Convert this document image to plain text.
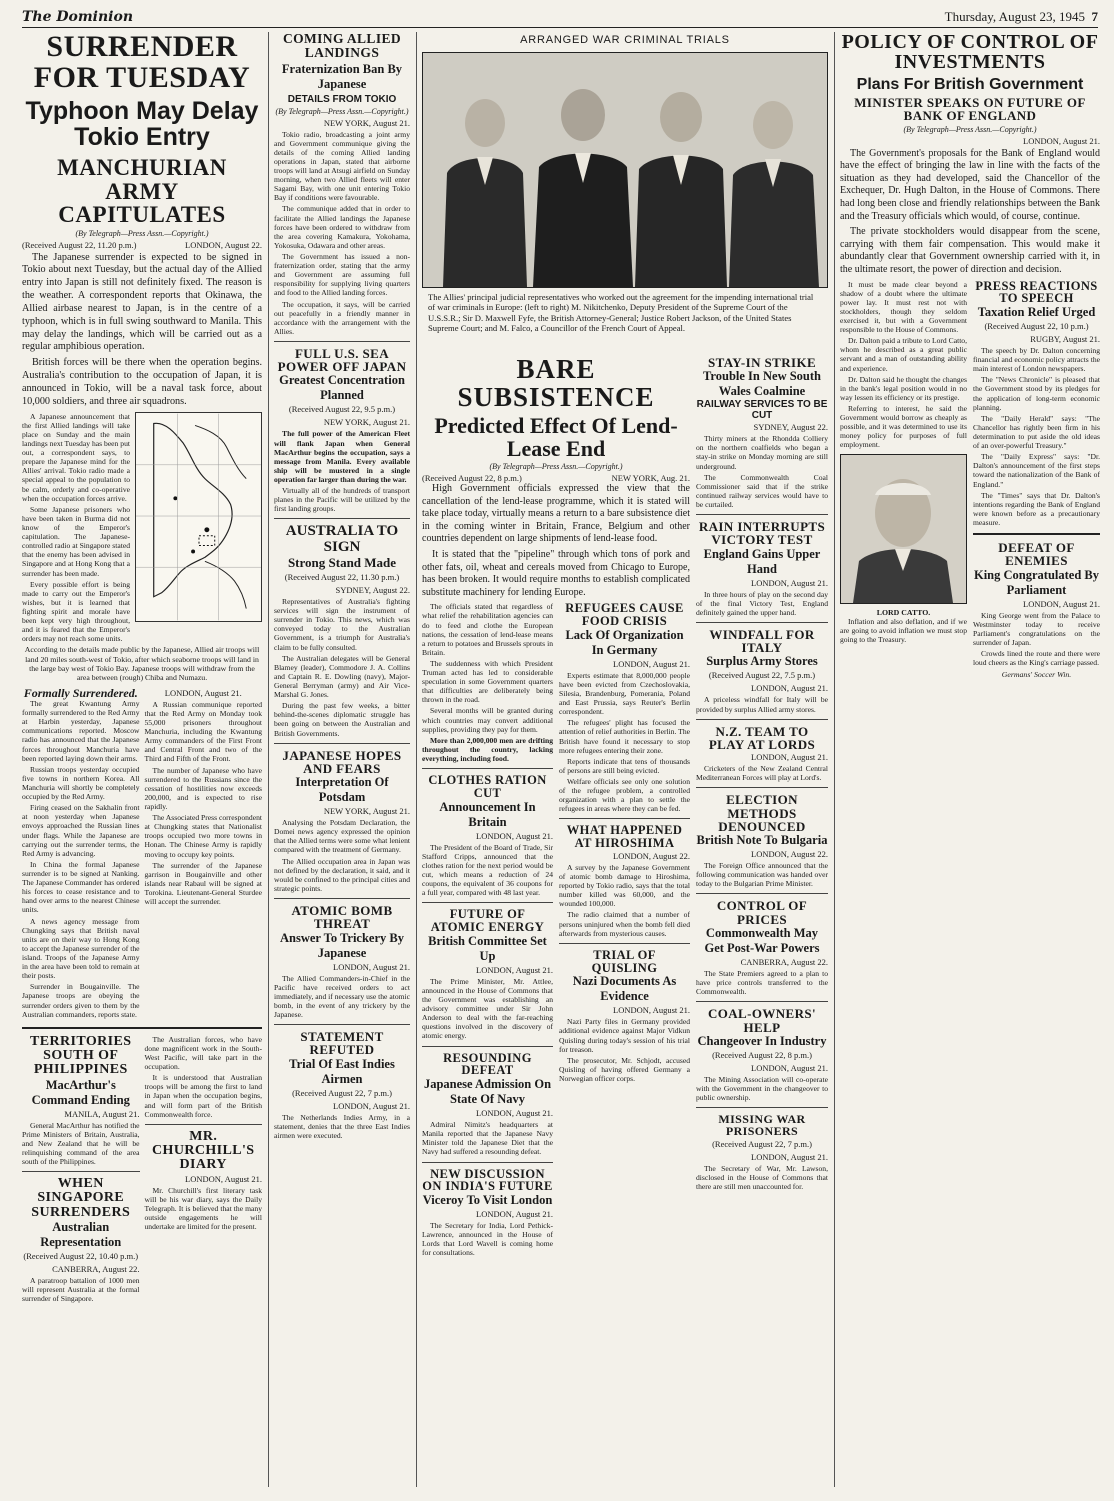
The Dominion	Thursday, August 23, 1945 7
SURRENDER FOR TUESDAY
Typhoon May Delay Tokio Entry
MANCHURIAN ARMY CAPITULATES
(By Telegraph—Press Assn.—Copyright.)
(Received August 22, 11.20 p.m.)	LONDON, August 22.

The Japanese surrender is expected to be signed in Tokio about next Tuesday, but the actual day of the Allied entry into Japan is still not definitely fixed. The reason is the weather. A correspondent reports that Okinawa, the Allied airbase nearest to Japan, is in the centre of a typhoon, which is in full swing southward to Manila. This may delay the landings, which will be carried out as a regular amphibious operation.

British forces will be there when the operation begins. Australia's contribution to the occupation of Japan, it is announced in Tokio, will be a naval task force, about 10,000 soldiers, and three air squadrons.

A Japanese announcement that the first Allied landings will take place on Sunday and the main landings next Tuesday has been put out, a correspondent says, to prepare the Japanese mind for the Allies' arrival. Tokio radio made a special appeal to the population to be calm, orderly and co-operative when the occupation forces arrive.

Some Japanese prisoners who have been taken in Burma did not know of the Emperor's capitulation. The Japanese-controlled radio at Singapore stated that the enemy has been advised in Singapore and at Hong Kong that a surrender has been made.

Every possible effort is being made to carry out the Emperor's wishes, but it is learned that fighting spirit and morale have been kept very high throughout, and it is feared that the Emperor's orders may not reach some units.

According to the details made public by the Japanese, Allied air troops will land 20 miles south-west of Tokio, after which seaborne troops will land in the large bay west of Tokio Bay. Japanese troops will withdraw from the area between (rough) Chiba and Numazu.
Formally Surrendered.

The great Kwantung Army formally surrendered to the Red Army at Harbin yesterday, Japanese communications reported. Moscow radio has announced that the Japanese forces throughout Manchuria have been reported laying down their arms.

Russian troops yesterday occupied five towns in northern Korea. All Manchuria will shortly be completely occupied by the Red Army.

Firing ceased on the Sakhalin front at noon yesterday when Japanese envoys approached the Russian lines under flags. While the Japanese are carrying out the surrender terms, the Red Army is advancing.

In China the formal Japanese surrender is to be signed at Nanking. The Japanese Commander has ordered his forces to cease resistance and to hand over arms to the nearest Chinese units.

A news agency message from Chungking says that British naval units are on their way to Hong Kong to accept the Japanese surrender of the island. Troops of the Japanese Army in the area have been told to remain at their posts.

Surrender in Bougainville. The Japanese troops are obeying the surrender orders given to them by the Australian commanders, reports state.

LONDON, August 21.

A Russian communique reported that the Red Army on Monday took 55,000 prisoners throughout Manchuria, including the Kwantung Army commanders of the First Front and Central Front and two of the Third and Fifth of the Front.

The number of Japanese who have surrendered to the Russians since the cessation of hostilities now exceeds 200,000, and is expected to rise rapidly.

The Associated Press correspondent at Chungking states that Nationalist troops occupied two more towns in Honan. The Chinese Army is rapidly moving to occupy key points.

The surrender of the Japanese garrison in Bougainville and other islands near Rabaul will be signed at Torokina. Lieutenant-General Sturdee will accept the surrender.

TERRITORIES SOUTH OF PHILIPPINES
MacArthur's Command Ending
MANILA, August 21.

General MacArthur has notified the Prime Ministers of Britain, Australia, and New Zealand that he will be relinquishing command of the area south of the Philippines.

WHEN SINGAPORE SURRENDERS
Australian Representation
(Received August 22, 10.40 p.m.)
CANBERRA, August 22.

A paratroop battalion of 1000 men will represent Australia at the formal surrender of Singapore.

The Australian forces, who have done magnificent work in the South-West Pacific, will take part in the occupation.

It is understood that Australian troops will be among the first to land in Japan when the occupation begins, and will form part of the British Commonwealth force.

MR. CHURCHILL'S DIARY
LONDON, August 21.

Mr. Churchill's first literary task will be his war diary, says the Daily Telegraph. It is believed that the many outside engagements he will undertake are limited for the present.

COMING ALLIED LANDINGS
Fraternization Ban By Japanese
DETAILS FROM TOKIO
(By Telegraph—Press Assn.—Copyright.)
NEW YORK, August 21.

Tokio radio, broadcasting a joint army and Government communique giving the details of the coming Allied landing operations in Japan, stated that airborne troops will land at Atsugi airfield on Sunday morning, when two Allied fleets will enter Sagami Bay, with one unit entering Tokio Bay if conditions were favourable.

The communique added that in order to facilitate the Allied landings the Japanese forces have been ordered to withdraw from the area covering Kamakura, Yokohama, Yokosuka, Odawara and other areas.

The Government has issued a non-fraternization order, stating that the army and Government are assuming full responsibility for supplying living quarters and food to the Allied landing forces.

The occupation, it says, will be carried out peacefully in a friendly manner in accordance with the arrangement with the Allies.

FULL U.S. SEA POWER OFF JAPAN
Greatest Concentration Planned
(Received August 22, 9.5 p.m.)
NEW YORK, August 21.

The full power of the American Fleet will flank Japan when General MacArthur begins the occupation, says a message from Manila. Every available ship will be mustered in a single operation far larger than during the war.

Virtually all of the hundreds of transport planes in the Pacific will be utilized by the first landing groups.

AUSTRALIA TO SIGN
Strong Stand Made
(Received August 22, 11.30 p.m.)
SYDNEY, August 22.

Representatives of Australia's fighting services will sign the instrument of surrender in Tokio. This news, which was conveyed today to the Australian Government, is a triumph for Australia's claim to be fully consulted.

The Australian delegates will be General Blamey (leader), Commodore J. A. Collins and Captain R. E. Dowling (navy), Major-General Berryman (army) and Air Vice-Marshal G. Jones.

During the past few weeks, a bitter behind-the-scenes diplomatic struggle has been going on between the Australian and British Governments.

JAPANESE HOPES AND FEARS
Interpretation Of Potsdam
NEW YORK, August 21.

Analysing the Potsdam Declaration, the Domei news agency expressed the opinion that the Allied terms were some what lenient compared with the treatment of Germany.

The Allied occupation area in Japan was not defined by the declaration, it said, and it would be confined to the principal cities and strategic points.

ATOMIC BOMB THREAT
Answer To Trickery By Japanese
LONDON, August 21.

The Allied Commanders-in-Chief in the Pacific have received orders to act immediately, and if necessary use the atomic bomb, in the event of any trickery by the Japanese.

STATEMENT REFUTED
Trial Of East Indies Airmen
(Received August 22, 7 p.m.)
LONDON, August 21.

The Netherlands Indies Army, in a statement, denies that the three East Indies airmen were executed.

ARRANGED WAR CRIMINAL TRIALS
The Allies' principal judicial representatives who worked out the agreement for the impending international trial of war criminals in Europe: (left to right) M. Nikitchenko, Deputy President of the Supreme Court of the U.S.S.R.; Sir D. Maxwell Fyfe, the British Attorney-General; Justice Robert Jackson, of the United States Supreme Court; and M. Falco, a Councillor of the French Court of Appeal.
BARE SUBSISTENCE
Predicted Effect Of Lend-Lease End
(By Telegraph—Press Assn.—Copyright.)
(Received August 22, 8 p.m.)	NEW YORK, Aug. 21.

High Government officials expressed the view that the cancellation of the lend-lease programme, which it is stated will take place today, virtually means a return to a bare subsistence diet in the coming winter in Britain, France, Belgium and other countries dependent on large shipments of lend-lease food.

It is stated that the "pipeline" through which tons of pork and other fats, oil, wheat and cereals moved from Chicago to Europe, has been broken. It would require months to establish complicated substitute machinery for lending Europe.

The officials stated that regardless of what relief the rehabilitation agencies can do to feed and clothe the European nations, the cessation of lend-lease means a return to potatoes and Brussels sprouts in Britain.

The suddenness with which President Truman acted has led to considerable speculation in some Government quarters that difficulties are deliberately being thrown in the road.

Several months will be granted during which countries may convert additional supplies, providing they pay for them.

More than 2,000,000 men are drifting throughout the country, lacking everything, including food.

CLOTHES RATION CUT
Announcement In Britain
LONDON, August 21.

The President of the Board of Trade, Sir Stafford Cripps, announced that the clothes ration for the next period would be cut, which means a reduction of 24 coupons, the equivalent of 36 coupons for a full year, compared with 48 last year.

FUTURE OF ATOMIC ENERGY
British Committee Set Up
LONDON, August 21.

The Prime Minister, Mr. Attlee, announced in the House of Commons that the Government was establishing an advisory committee under Sir John Anderson to deal with the far-reaching questions involved in the discovery of atomic energy.

RESOUNDING DEFEAT
Japanese Admission On State Of Navy
LONDON, August 21.

Admiral Nimitz's headquarters at Manila reported that the Japanese Navy Minister told the Japanese Diet that the Navy had suffered a resounding defeat.

NEW DISCUSSION ON INDIA'S FUTURE
Viceroy To Visit London
LONDON, August 21.

The Secretary for India, Lord Pethick-Lawrence, announced in the House of Lords that Lord Wavell is coming home for consultations.

REFUGEES CAUSE FOOD CRISIS
Lack Of Organization In Germany
LONDON, August 21.

Experts estimate that 8,000,000 people have been evicted from Czechoslovakia, Silesia, Brandenburg, Pomerania, Poland and East Prussia, says Reuter's Berlin correspondent.

The refugees' plight has focused the attention of relief authorities in Berlin. The British have found it necessary to stop more refugees entering their zone.

Reports indicate that tens of thousands of persons are still being evicted.

Welfare officials see only one solution of the refugee problem, a controlled organization with a plan to settle the refugees in areas where they can be fed.

WHAT HAPPENED AT HIROSHIMA
LONDON, August 22.

A survey by the Japanese Government of atomic bomb damage to Hiroshima, reported by Tokio radio, says that the total number killed was 60,000, and the wounded 100,000.

The radio claimed that a number of persons uninjured when the bomb fell died afterwards from mysterious causes.

TRIAL OF QUISLING
Nazi Documents As Evidence
LONDON, August 21.

Nazi Party files in Germany provided additional evidence against Major Vidkun Quisling during today's session of his trial for treason.

The prosecutor, Mr. Schjodt, accused Quisling of having offered Germany a Norwegian officer corps.

STAY-IN STRIKE
Trouble In New South Wales Coalmine
RAILWAY SERVICES TO BE CUT
SYDNEY, August 22.

Thirty miners at the Rhondda Colliery on the northern coalfields who began a stay-in strike on Monday morning are still underground.

The Commonwealth Coal Commissioner said that if the strike continued railway services would have to be curtailed.

RAIN INTERRUPTS VICTORY TEST
England Gains Upper Hand
LONDON, August 21.

In three hours of play on the second day of the final Victory Test, England definitely gained the upper hand.

WINDFALL FOR ITALY
Surplus Army Stores
(Received August 22, 7.5 p.m.)
LONDON, August 21.

A priceless windfall for Italy will be provided by surplus Allied army stores.

N.Z. TEAM TO PLAY AT LORDS
LONDON, August 21.

Cricketers of the New Zealand Central Mediterranean Forces will play at Lord's.

ELECTION METHODS DENOUNCED
British Note To Bulgaria
LONDON, August 22.

The Foreign Office announced that the following communication was handed over today to the Bulgarian Prime Minister.

CONTROL OF PRICES
Commonwealth May Get Post-War Powers
CANBERRA, August 22.

The State Premiers agreed to a plan to have price controls transferred to the Commonwealth.

COAL-OWNERS' HELP
Changeover In Industry
(Received August 22, 8 p.m.)
LONDON, August 21.

The Mining Association will co-operate with the Government in the changeover to public ownership.

MISSING WAR PRISONERS
(Received August 22, 7 p.m.)
LONDON, August 21.

The Secretary of War, Mr. Lawson, disclosed in the House of Commons that there are still men unaccounted for.

POLICY OF CONTROL OF INVESTMENTS
Plans For British Government
MINISTER SPEAKS ON FUTURE OF BANK OF ENGLAND
(By Telegraph—Press Assn.—Copyright.)
LONDON, August 21.

The Government's proposals for the Bank of England would have the effect of bringing the law in line with the facts of the situation as they had developed, said the Chancellor of the Exchequer, Dr. Hugh Dalton, in the House of Commons. There had long been close and friendly relationships between the Bank and the Treasury officials which would, of course, continue.

The private stockholders would disappear from the scene, carrying with them fair compensation. This would make it abundantly clear that Government ownership carried with it, in the ultimate resort, the power of direction and decision.

It must be made clear beyond a shadow of a doubt where the ultimate power lay. It must rest not with stockholders, though they seldom exercised it, but with a Government responsible to the House of Commons.

Dr. Dalton paid a tribute to Lord Catto, whom he described as a great public servant and a man of outstanding ability and experience.

Dr. Dalton said he thought the changes in the bank's legal position would in no way lessen its efficiency or its prestige.

Referring to interest, he said the Government would borrow as cheaply as possible, and it was determined to use its money policy for purposes of full employment.

LORD CATTO.

Inflation and also deflation, and if we are going to avoid inflation we must stop going to the Treasury.

PRESS REACTIONS TO SPEECH
Taxation Relief Urged
(Received August 22, 10 p.m.)
RUGBY, August 21.

The speech by Dr. Dalton concerning financial and economic policy attracts the main interest of London newspapers.

The "News Chronicle" is pleased that the Government stood by its pledges for the application of long-term economic planning.

The "Daily Herald" says: "The Chancellor has rightly been firm in his determination to put aside the old ideas of an over-powerful Treasury."

The "Daily Express" says: "Dr. Dalton's announcement of the first steps toward the nationalization of the Bank of England."

The "Times" says that Dr. Dalton's intentions regarding the Bank of England were known before as a precautionary measure.

DEFEAT OF ENEMIES
King Congratulated By Parliament
LONDON, August 21.

King George went from the Palace to Westminster today to receive Parliament's congratulations on the surrender of Japan.

Crowds lined the route and there were loud cheers as the King's carriage passed.

Germans' Soccer Win.
